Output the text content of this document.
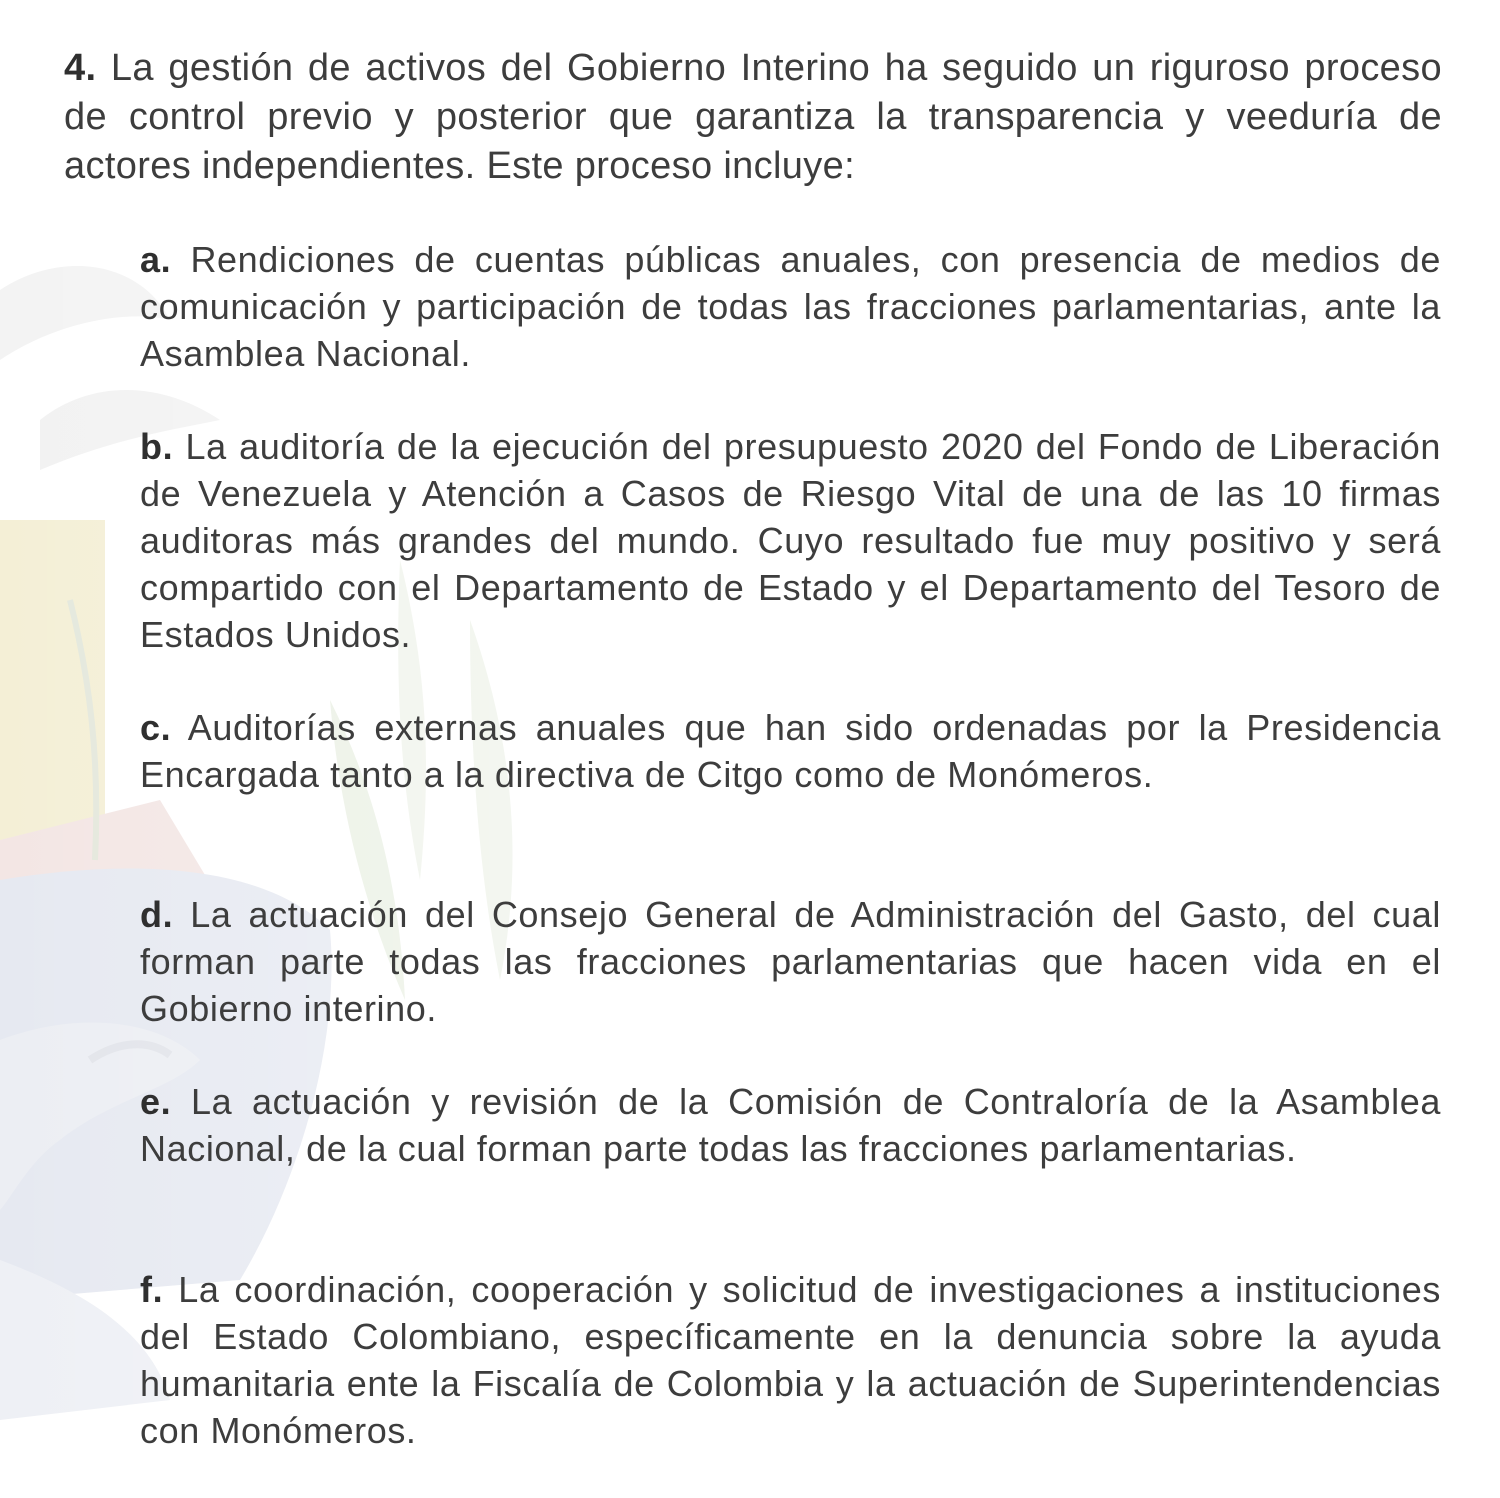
4. La gestión de activos del Gobierno Interino ha seguido un riguroso proceso de control previo y posterior que garantiza la transparencia y veeduría de actores independientes. Este proceso incluye:

a. Rendiciones de cuentas públicas anuales, con presencia de medios de comunicación y participación de todas las fracciones parlamentarias, ante la Asamblea Nacional.

b. La auditoría de la ejecución del presupuesto 2020 del Fondo de Liberación de Venezuela y Atención a Casos de Riesgo Vital de una de las 10 firmas auditoras más grandes del mundo. Cuyo resultado fue muy positivo y será compartido con el Departamento de Estado y el Departamento del Tesoro de Estados Unidos.

c. Auditorías externas anuales que han sido ordenadas por la Presidencia Encargada tanto a la directiva de Citgo como de Monómeros.

d. La actuación del Consejo General de Administración del Gasto, del cual forman parte todas las fracciones parlamentarias que hacen vida en el Gobierno interino.

e. La actuación y revisión de la Comisión de Contraloría de la Asamblea Nacional, de la cual forman parte todas las fracciones parlamentarias.

f. La coordinación, cooperación y solicitud de investigaciones a instituciones del Estado Colombiano, específicamente en la denuncia sobre la ayuda humanitaria ente la Fiscalía de Colombia y la actuación de Superintendencias con Monómeros.
